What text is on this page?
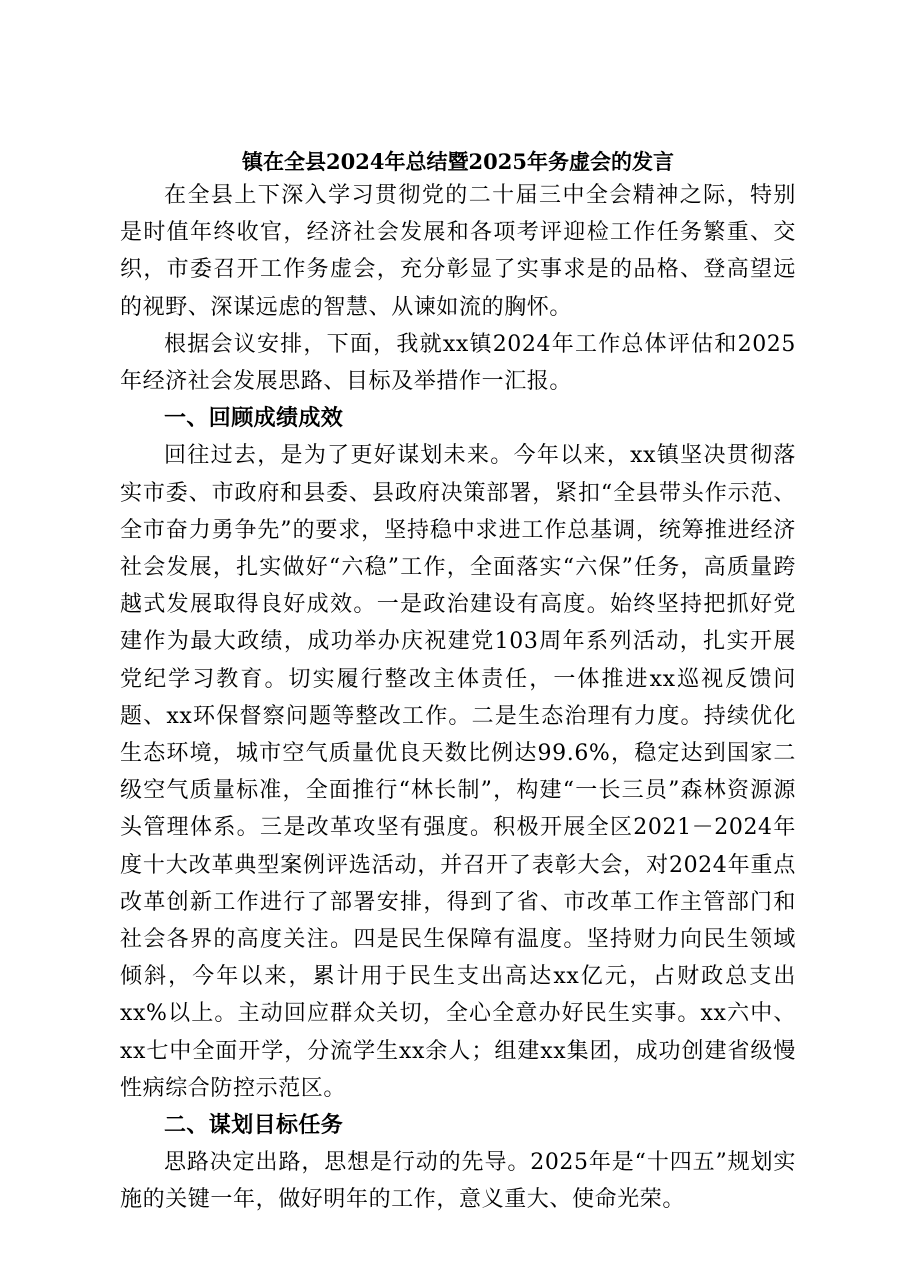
镇在全县2024年总结暨2025年务虚会的发言

在全县上下深入学习贯彻党的二十届三中全会精神之际，特别是时值年终收官，经济社会发展和各项考评迎检工作任务繁重、交织，市委召开工作务虚会，充分彰显了实事求是的品格、登高望远的视野、深谋远虑的智慧、从谏如流的胸怀。

根据会议安排，下面，我就xx镇2024年工作总体评估和2025年经济社会发展思路、目标及举措作一汇报。

一、回顾成绩成效

回往过去，是为了更好谋划未来。今年以来，xx镇坚决贯彻落实市委、市政府和县委、县政府决策部署，紧扣“全县带头作示范、全市奋力勇争先”的要求，坚持稳中求进工作总基调，统筹推进经济社会发展，扎实做好“六稳”工作，全面落实“六保”任务，高质量跨越式发展取得良好成效。一是政治建设有高度。始终坚持把抓好党建作为最大政绩，成功举办庆祝建党103周年系列活动，扎实开展党纪学习教育。切实履行整改主体责任，一体推进xx巡视反馈问题、xx环保督察问题等整改工作。二是生态治理有力度。持续优化生态环境，城市空气质量优良天数比例达99.6%，稳定达到国家二级空气质量标准，全面推行“林长制”，构建“一长三员”森林资源源头管理体系。三是改革攻坚有强度。积极开展全区2021－2024年度十大改革典型案例评选活动，并召开了表彰大会，对2024年重点改革创新工作进行了部署安排，得到了省、市改革工作主管部门和社会各界的高度关注。四是民生保障有温度。坚持财力向民生领域倾斜，今年以来，累计用于民生支出高达xx亿元，占财政总支出xx%以上。主动回应群众关切，全心全意办好民生实事。xx六中、xx七中全面开学，分流学生xx余人；组建xx集团，成功创建省级慢性病综合防控示范区。

二、谋划目标任务

思路决定出路，思想是行动的先导。2025年是“十四五”规划实施的关键一年，做好明年的工作，意义重大、使命光荣。
